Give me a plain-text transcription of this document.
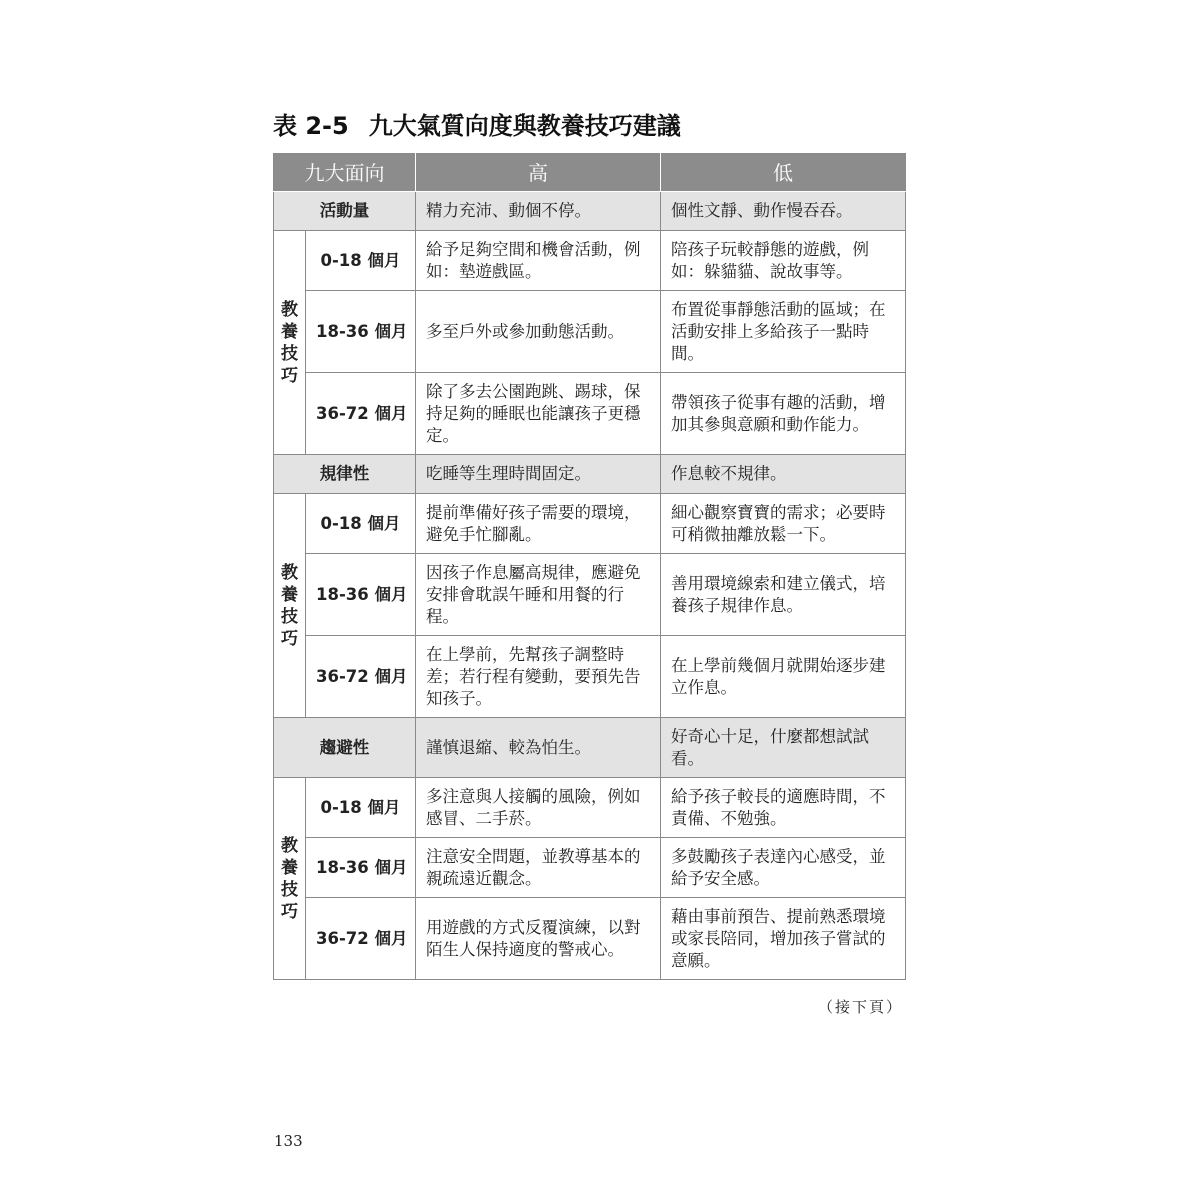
表 2-5 九大氣質向度與教養技巧建議
九大面向		高	低
活動量		精力充沛、動個不停。	個性文靜、動作慢吞吞。

教
養
技
巧	0-18 個月	給予足夠空間和機會活動，例如：墊遊戲區。	陪孩子玩較靜態的遊戲，例如：躲貓貓、說故事等。
	18-36 個月	多至戶外或參加動態活動。	布置從事靜態活動的區域；在活動安排上多給孩子一點時間。
	36-72 個月	除了多去公園跑跳、踢球，保持足夠的睡眠也能讓孩子更穩定。	帶領孩子從事有趣的活動，增加其參與意願和動作能力。
規律性		吃睡等生理時間固定。	作息較不規律。

教
養
技
巧	0-18 個月	提前準備好孩子需要的環境，避免手忙腳亂。	細心觀察寶寶的需求；必要時可稍微抽離放鬆一下。
	18-36 個月	因孩子作息屬高規律，應避免安排會耽誤午睡和用餐的行程。	善用環境線索和建立儀式，培養孩子規律作息。
	36-72 個月	在上學前，先幫孩子調整時差；若行程有變動，要預先告知孩子。	在上學前幾個月就開始逐步建立作息。
趨避性		謹慎退縮、較為怕生。	好奇心十足，什麼都想試試看。

教
養
技
巧	0-18 個月	多注意與人接觸的風險，例如感冒、二手菸。	給予孩子較長的適應時間，不責備、不勉強。
	18-36 個月	注意安全問題，並教導基本的親疏遠近觀念。	多鼓勵孩子表達內心感受，並給予安全感。
	36-72 個月	用遊戲的方式反覆演練，以對陌生人保持適度的警戒心。	藉由事前預告、提前熟悉環境或家長陪同，增加孩子嘗試的意願。
（接下頁）
133
